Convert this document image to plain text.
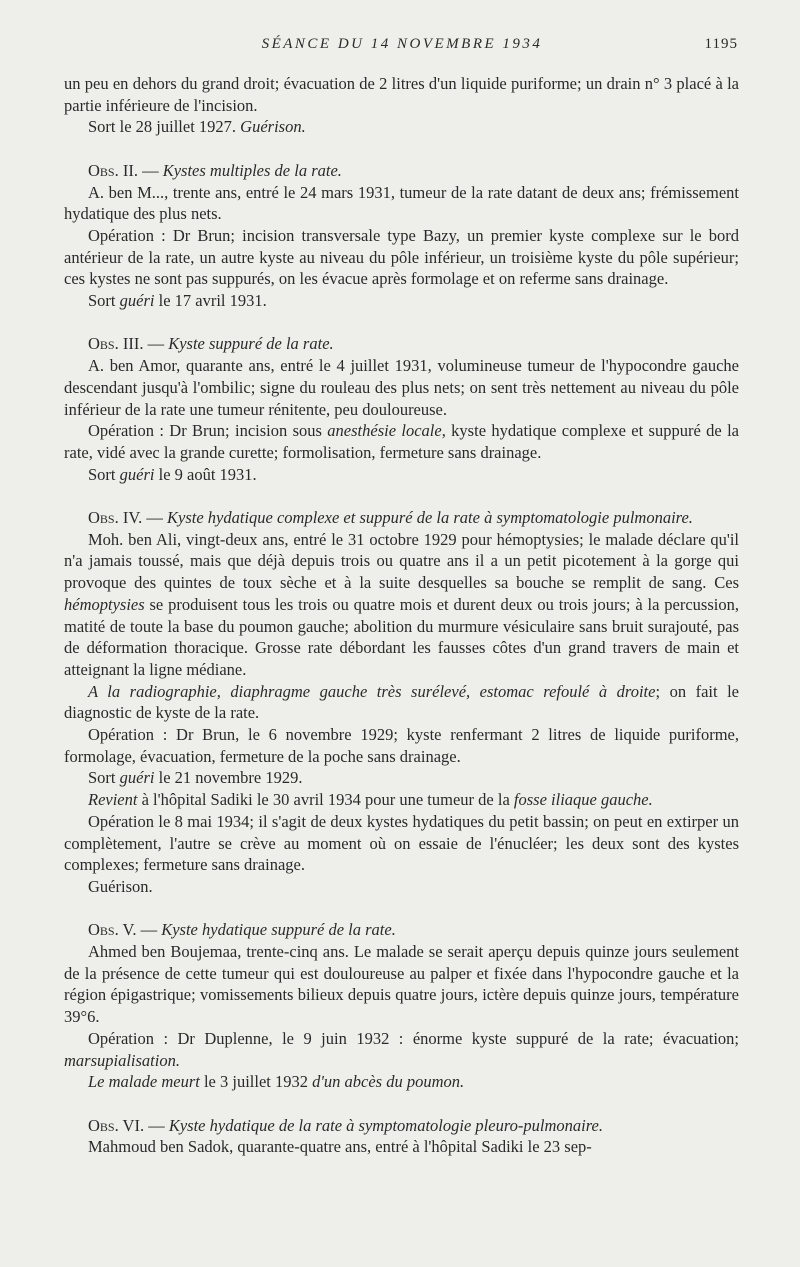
SÉANCE DU 14 NOVEMBRE 1934	1195

un peu en dehors du grand droit; évacuation de 2 litres d'un liquide puriforme; un drain n° 3 placé à la partie inférieure de l'incision.

Sort le 28 juillet 1927. Guérison.

Obs. II. — Kystes multiples de la rate.

A. ben M..., trente ans, entré le 24 mars 1931, tumeur de la rate datant de deux ans; frémissement hydatique des plus nets.

Opération : Dr Brun; incision transversale type Bazy, un premier kyste complexe sur le bord antérieur de la rate, un autre kyste au niveau du pôle inférieur, un troisième kyste du pôle supérieur; ces kystes ne sont pas suppurés, on les évacue après formolage et on referme sans drainage.

Sort guéri le 17 avril 1931.

Obs. III. — Kyste suppuré de la rate.

A. ben Amor, quarante ans, entré le 4 juillet 1931, volumineuse tumeur de l'hypocondre gauche descendant jusqu'à l'ombilic; signe du rouleau des plus nets; on sent très nettement au niveau du pôle inférieur de la rate une tumeur rénitente, peu douloureuse.

Opération : Dr Brun; incision sous anesthésie locale, kyste hydatique complexe et suppuré de la rate, vidé avec la grande curette; formolisation, fermeture sans drainage.

Sort guéri le 9 août 1931.

Obs. IV. — Kyste hydatique complexe et suppuré de la rate à symptomatologie pulmonaire.

Moh. ben Ali, vingt-deux ans, entré le 31 octobre 1929 pour hémoptysies; le malade déclare qu'il n'a jamais toussé, mais que déjà depuis trois ou quatre ans il a un petit picotement à la gorge qui provoque des quintes de toux sèche et à la suite desquelles sa bouche se remplit de sang. Ces hémoptysies se produisent tous les trois ou quatre mois et durent deux ou trois jours; à la percussion, matité de toute la base du poumon gauche; abolition du murmure vésiculaire sans bruit surajouté, pas de déformation thoracique. Grosse rate débordant les fausses côtes d'un grand travers de main et atteignant la ligne médiane.

A la radiographie, diaphragme gauche très surélevé, estomac refoulé à droite; on fait le diagnostic de kyste de la rate.

Opération : Dr Brun, le 6 novembre 1929; kyste renfermant 2 litres de liquide puriforme, formolage, évacuation, fermeture de la poche sans drainage.

Sort guéri le 21 novembre 1929.

Revient à l'hôpital Sadiki le 30 avril 1934 pour une tumeur de la fosse iliaque gauche.

Opération le 8 mai 1934; il s'agit de deux kystes hydatiques du petit bassin; on peut en extirper un complètement, l'autre se crève au moment où on essaie de l'énucléer; les deux sont des kystes complexes; fermeture sans drainage.

Guérison.

Obs. V. — Kyste hydatique suppuré de la rate.

Ahmed ben Boujemaa, trente-cinq ans. Le malade se serait aperçu depuis quinze jours seulement de la présence de cette tumeur qui est douloureuse au palper et fixée dans l'hypocondre gauche et la région épigastrique; vomissements bilieux depuis quatre jours, ictère depuis quinze jours, température 39°6.

Opération : Dr Duplenne, le 9 juin 1932 : énorme kyste suppuré de la rate; évacuation; marsupialisation.

Le malade meurt le 3 juillet 1932 d'un abcès du poumon.

Obs. VI. — Kyste hydatique de la rate à symptomatologie pleuro-pulmonaire.

Mahmoud ben Sadok, quarante-quatre ans, entré à l'hôpital Sadiki le 23 sep-
